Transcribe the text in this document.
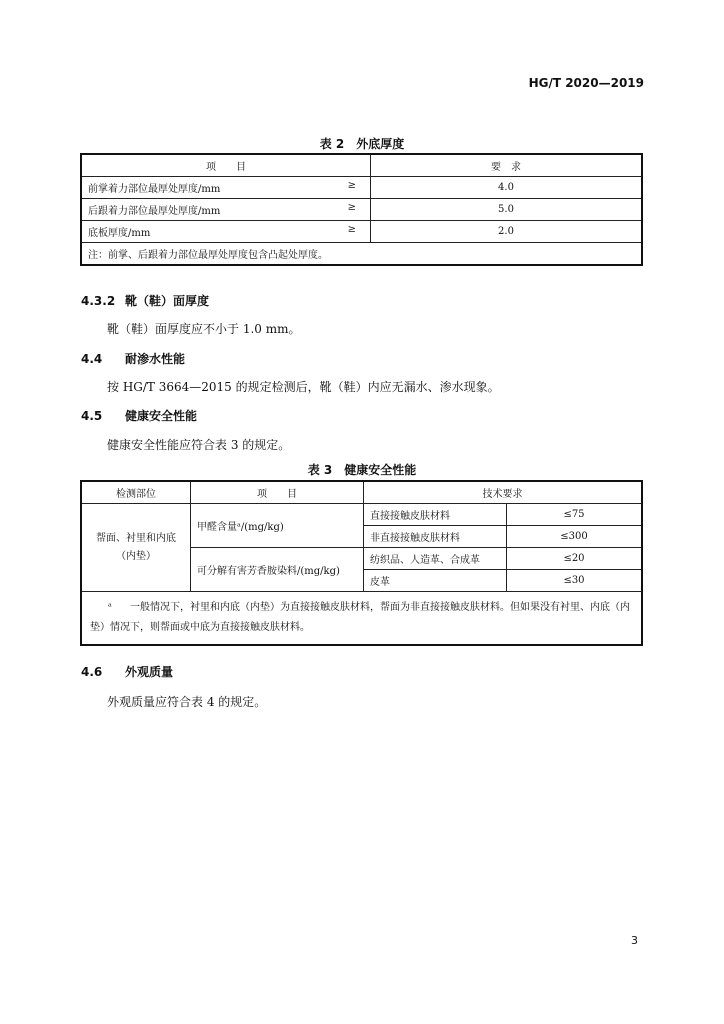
HG/T 2020—2019
表 2　外底厚度
项　　目	要　求
前掌着力部位最厚处厚度/mm ≥	4.0
后跟着力部位最厚处厚度/mm ≥	5.0
底板厚度/mm ≥	2.0
注：前掌、后跟着力部位最厚处厚度包含凸起处厚度。	
4.3.2 靴（鞋）面厚度
靴（鞋）面厚度应不小于 1.0 mm。
4.4 耐渗水性能
按 HG/T 3664—2015 的规定检测后，靴（鞋）内应无漏水、渗水现象。
4.5 健康安全性能
健康安全性能应符合表 3 的规定。
表 3　健康安全性能
检测部位	项　　目	技术要求	
帮面、衬里和内底（内垫）	甲醛含量ᵃ/(mg/kg)	直接接触皮肤材料	≤75
		非直接接触皮肤材料	≤300
	可分解有害芳香胺染料/(mg/kg)	纺织品、人造革、合成革	≤20
		皮革	≤30
ᵃ 一般情况下，衬里和内底（内垫）为直接接触皮肤材料，帮面为非直接接触皮肤材料。但如果没有衬里、内底（内垫）情况下，则帮面或中底为直接接触皮肤材料。			
4.6 外观质量
外观质量应符合表 4 的规定。
3
